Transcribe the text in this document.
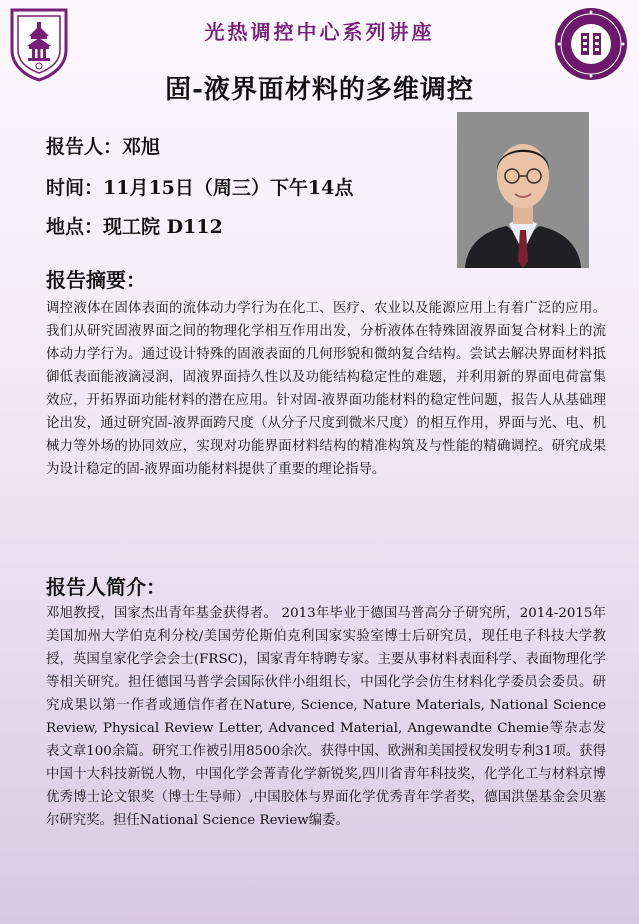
光热调控中心系列讲座
固-液界面材料的多维调控
报告人：邓旭
时间：11月15日（周三）下午14点
地点：现工院 D112
报告摘要：
调控液体在固体表面的流体动力学行为在化工、医疗、农业以及能源应用上有着广泛的应用。我们从研究固液界面之间的物理化学相互作用出发，分析液体在特殊固液界面复合材料上的流体动力学行为。通过设计特殊的固液表面的几何形貌和微纳复合结构。尝试去解决界面材料抵御低表面能液滴浸润，固液界面持久性以及功能结构稳定性的难题，并利用新的界面电荷富集效应，开拓界面功能材料的潜在应用。针对固-液界面功能材料的稳定性问题，报告人从基础理论出发，通过研究固-液界面跨尺度（从分子尺度到微米尺度）的相互作用，界面与光、电、机械力等外场的协同效应，实现对功能界面材料结构的精准构筑及与性能的精确调控。研究成果为设计稳定的固-液界面功能材料提供了重要的理论指导。
报告人简介：
邓旭教授，国家杰出青年基金获得者。 2013年毕业于德国马普高分子研究所，2014-2015年美国加州大学伯克利分校/美国劳伦斯伯克利国家实验室博士后研究员，现任电子科技大学教授，英国皇家化学会会士(FRSC)，国家青年特聘专家。主要从事材料表面科学、表面物理化学等相关研究。担任德国马普学会国际伙伴小组组长，中国化学会仿生材料化学委员会委员。研究成果以第一作者或通信作者在Nature, Science, Nature Materials, National Science Review, Physical Review Letter, Advanced Material, Angewandte Chemie等杂志发表文章100余篇。研究工作被引用8500余次。获得中国、欧洲和美国授权发明专利31项。获得中国十大科技新锐人物，中国化学会菁青化学新锐奖,四川省青年科技奖，化学化工与材料京博优秀博士论文银奖（博士生导师）,中国胶体与界面化学优秀青年学者奖，德国洪堡基金会贝塞尔研究奖。担任National Science Review编委。
